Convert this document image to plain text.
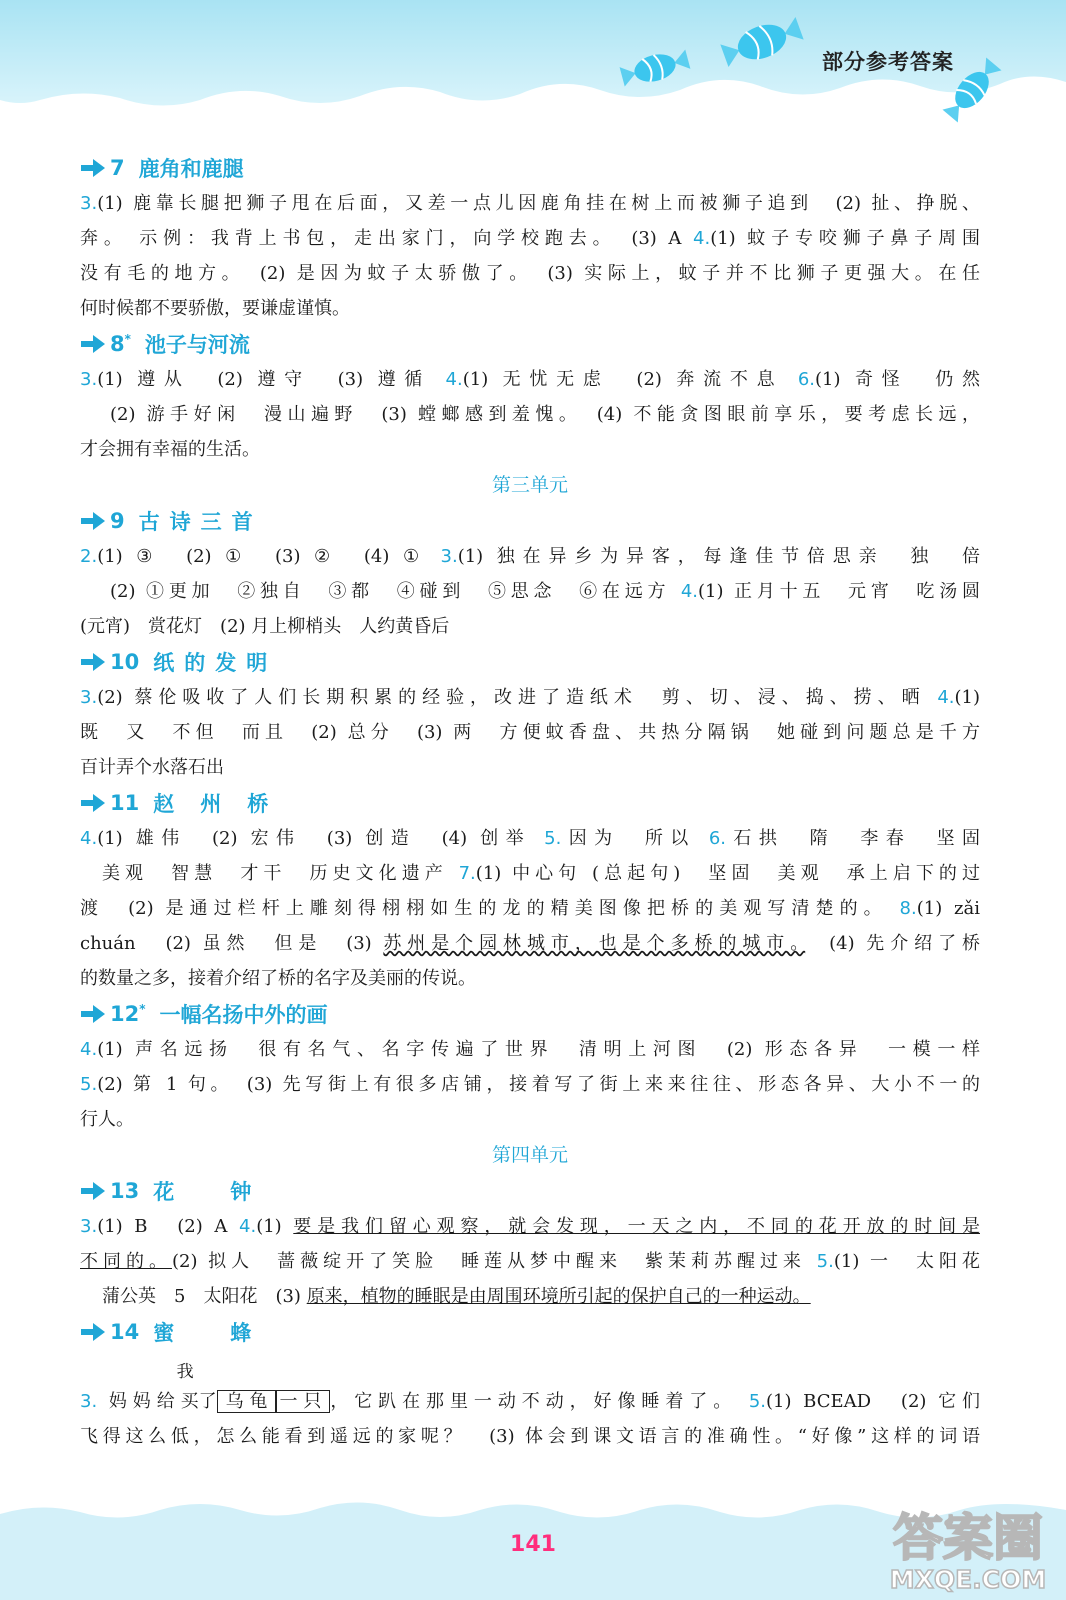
部分参考答案
141	答案圈
MXQE.COM
7 鹿角和鹿腿
3.(1) 鹿靠长腿把狮子甩在后面，又差一点儿因鹿角挂在树上而被狮子追到　(2) 扯、挣脱、
奔。 示例：我背上书包，走出家门，向学校跑去。　(3) A 4.(1) 蚊子专咬狮子鼻子周围
没有毛的地方。　(2) 是因为蚊子太骄傲了。　(3) 实际上，蚊子并不比狮子更强大。在任
何时候都不要骄傲，要谦虚谨慎。
8* 池子与河流
3.(1) 遵从　(2) 遵守　(3) 遵循 4.(1) 无忧无虑　(2) 奔流不息 6.(1) 奇怪　仍然
(2) 游手好闲　漫山遍野　(3) 螳螂感到羞愧。　(4) 不能贪图眼前享乐，要考虑长远，
才会拥有幸福的生活。
第三单元
9 古诗三首
2.(1) ③　(2) ①　(3) ②　(4) ① 3.(1) 独在异乡为异客，每逢佳节倍思亲　独　倍
(2) ①更加　②独自　③都　④碰到　⑤思念　⑥在远方 4.(1) 正月十五　元宵　吃汤圆
(元宵)　赏花灯　(2) 月上柳梢头　人约黄昏后
10 纸的发明
3.(2) 蔡伦吸收了人们长期积累的经验，改进了造纸术　剪、切、浸、捣、捞、晒 4.(1)
既　又　不但　而且　(2) 总分　(3) 两　方便蚊香盘、共热分隔锅　她碰到问题总是千方
百计弄个水落石出
11 赵州桥
4.(1) 雄伟　(2) 宏伟　(3) 创造　(4) 创举 5.因为　所以 6.石拱　隋　李春　坚固
美观　智慧　才干　历史文化遗产 7.(1) 中心句 (总起句)　坚固　美观　承上启下的过
渡　(2) 是通过栏杆上雕刻得栩栩如生的龙的精美图像把桥的美观写清楚的。 8.(1) zǎi
chuán　(2) 虽然　但是　(3) 苏州是个园林城市，也是个多桥的城市。　(4) 先介绍了桥
的数量之多，接着介绍了桥的名字及美丽的传说。
12* 一幅名扬中外的画
4.(1) 声名远扬　很有名气、名字传遍了世界　清明上河图　(2) 形态各异　一模一样
5.(2) 第 1 句。　(3) 先写街上有很多店铺，接着写了街上来来往往、形态各异、大小不一的
行人。
第四单元
13 花钟
3.(1) B　(2) A 4.(1) 要是我们留心观察，就会发现，一天之内，不同的花开放的时间是
不同的。(2) 拟人　蔷薇绽开了笑脸　睡莲从梦中醒来　紫茉莉苏醒过来 5.(1) 一　太阳花
蒲公英　5　太阳花　(3) 原来，植物的睡眠是由周围环境所引起的保护自己的一种运动。
14 蜜蜂
3. 妈妈给
我
买了 乌龟 一只 ，它趴在那里一动不动，好像睡着了。 5.(1) BCEAD　(2) 它们
飞得这么低，怎么能看到遥远的家呢？　(3) 体会到课文语言的准确性。“好像”这样的词语
